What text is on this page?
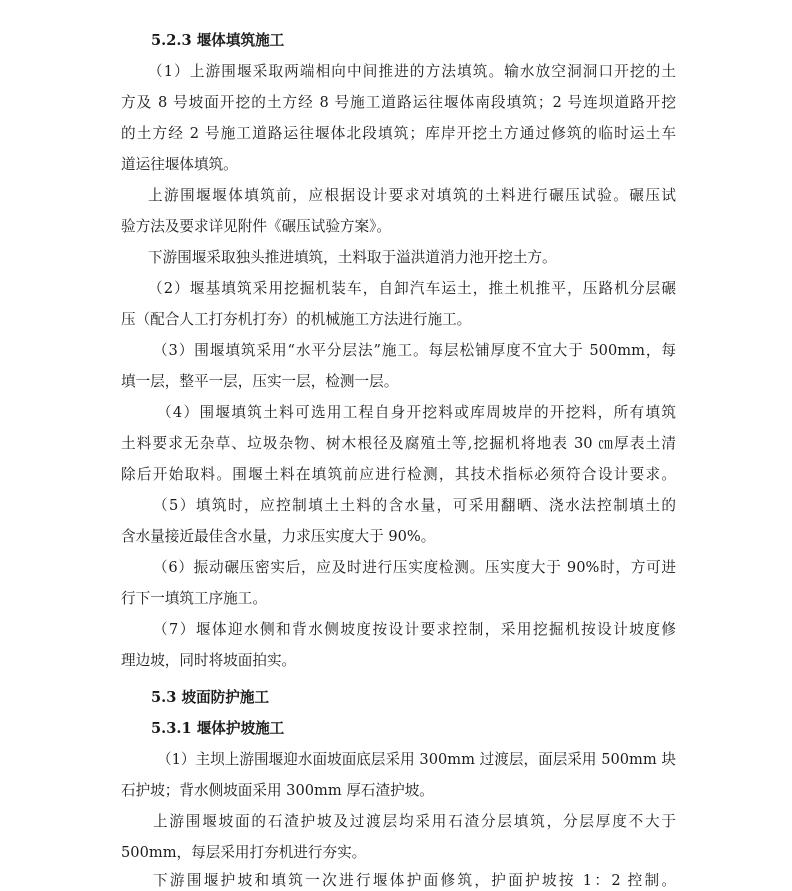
5.2.3 堰体填筑施工
（1）上游围堰采取两端相向中间推进的方法填筑。输水放空洞洞口开挖的土
方及 8 号坡面开挖的土方经 8 号施工道路运往堰体南段填筑；2 号连坝道路开挖
的土方经 2 号施工道路运往堰体北段填筑；库岸开挖土方通过修筑的临时运土车
道运往堰体填筑。
上游围堰堰体填筑前，应根据设计要求对填筑的土料进行碾压试验。碾压试
验方法及要求详见附件《碾压试验方案》。
下游围堰采取独头推进填筑，土料取于溢洪道消力池开挖土方。
（2）堰基填筑采用挖掘机装车，自卸汽车运土，推土机推平，压路机分层碾
压（配合人工打夯机打夯）的机械施工方法进行施工。
（3）围堰填筑采用“水平分层法”施工。每层松铺厚度不宜大于 500mm，每
填一层，整平一层，压实一层，检测一层。
（4）围堰填筑土料可选用工程自身开挖料或库周坡岸的开挖料，所有填筑
土料要求无杂草、垃圾杂物、树木根径及腐殖土等,挖掘机将地表 30 ㎝厚表土清
除后开始取料。围堰土料在填筑前应进行检测，其技术指标必须符合设计要求。
（5）填筑时，应控制填土土料的含水量，可采用翻晒、浇水法控制填土的
含水量接近最佳含水量，力求压实度大于 90%。
（6）振动碾压密实后，应及时进行压实度检测。压实度大于 90%时，方可进
行下一填筑工序施工。
（7）堰体迎水侧和背水侧坡度按设计要求控制，采用挖掘机按设计坡度修
理边坡，同时将坡面拍实。
5.3 坡面防护施工
5.3.1 堰体护坡施工
（1）主坝上游围堰迎水面坡面底层采用 300mm 过渡层，面层采用 500mm 块
石护坡；背水侧坡面采用 300mm 厚石渣护坡。
上游围堰坡面的石渣护坡及过渡层均采用石渣分层填筑，分层厚度不大于
500mm，每层采用打夯机进行夯实。
下游围堰护坡和填筑一次进行堰体护面修筑，护面护坡按 1：2 控制。
